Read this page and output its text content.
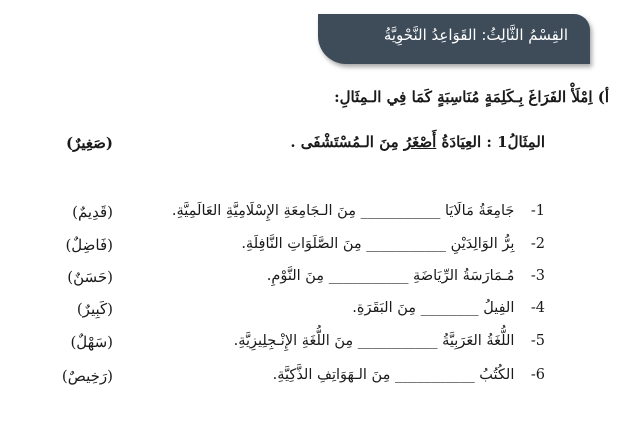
القِسْمُ الثَّالِثُ: القَوَاعِدُ النَّحْوِيَّةُ
أ) اِمْلَأْ الفَرَاغَ بِـكَلِمَةٍ مُنَاسِبَةٍ كَمَا فِي الـمِثَالِ:
المِثَالُ1 : العِيَادَةُ أَصْغَرُ مِنَ الـمُسْتَشْفَى .
(صَغِيرٌ)
1- جَامِعَةُ مَالَايَا ___________ مِنَ الـجَامِعَةِ الإِسْلَامِيَّةِ العَالَمِيَّةِ.
(قَدِيمٌ)
2- بِرُّ الوَالِدَيْنِ ___________ مِنَ الصَّلَوَاتِ النَّافِلَةِ.
(فَاضِلٌ)
3- مُـمَارَسَةُ الرِّيَاضَةِ ___________ مِنَ النَّوْمِ.
(حَسَنٌ)
4- الفِيلُ ________ مِنَ البَقَرَةِ.
(كَبِيرٌ)
5- اللُّغَةُ العَرَبِيَّةُ ___________ مِنَ اللُّغَةِ الإِنْـجِلِيزِيَّةِ.
(سَهْلٌ)
6- الكُتُبُ ___________ مِنَ الـهَوَاتِفِ الذَّكِيَّةِ.
(رَخِيصٌ)
